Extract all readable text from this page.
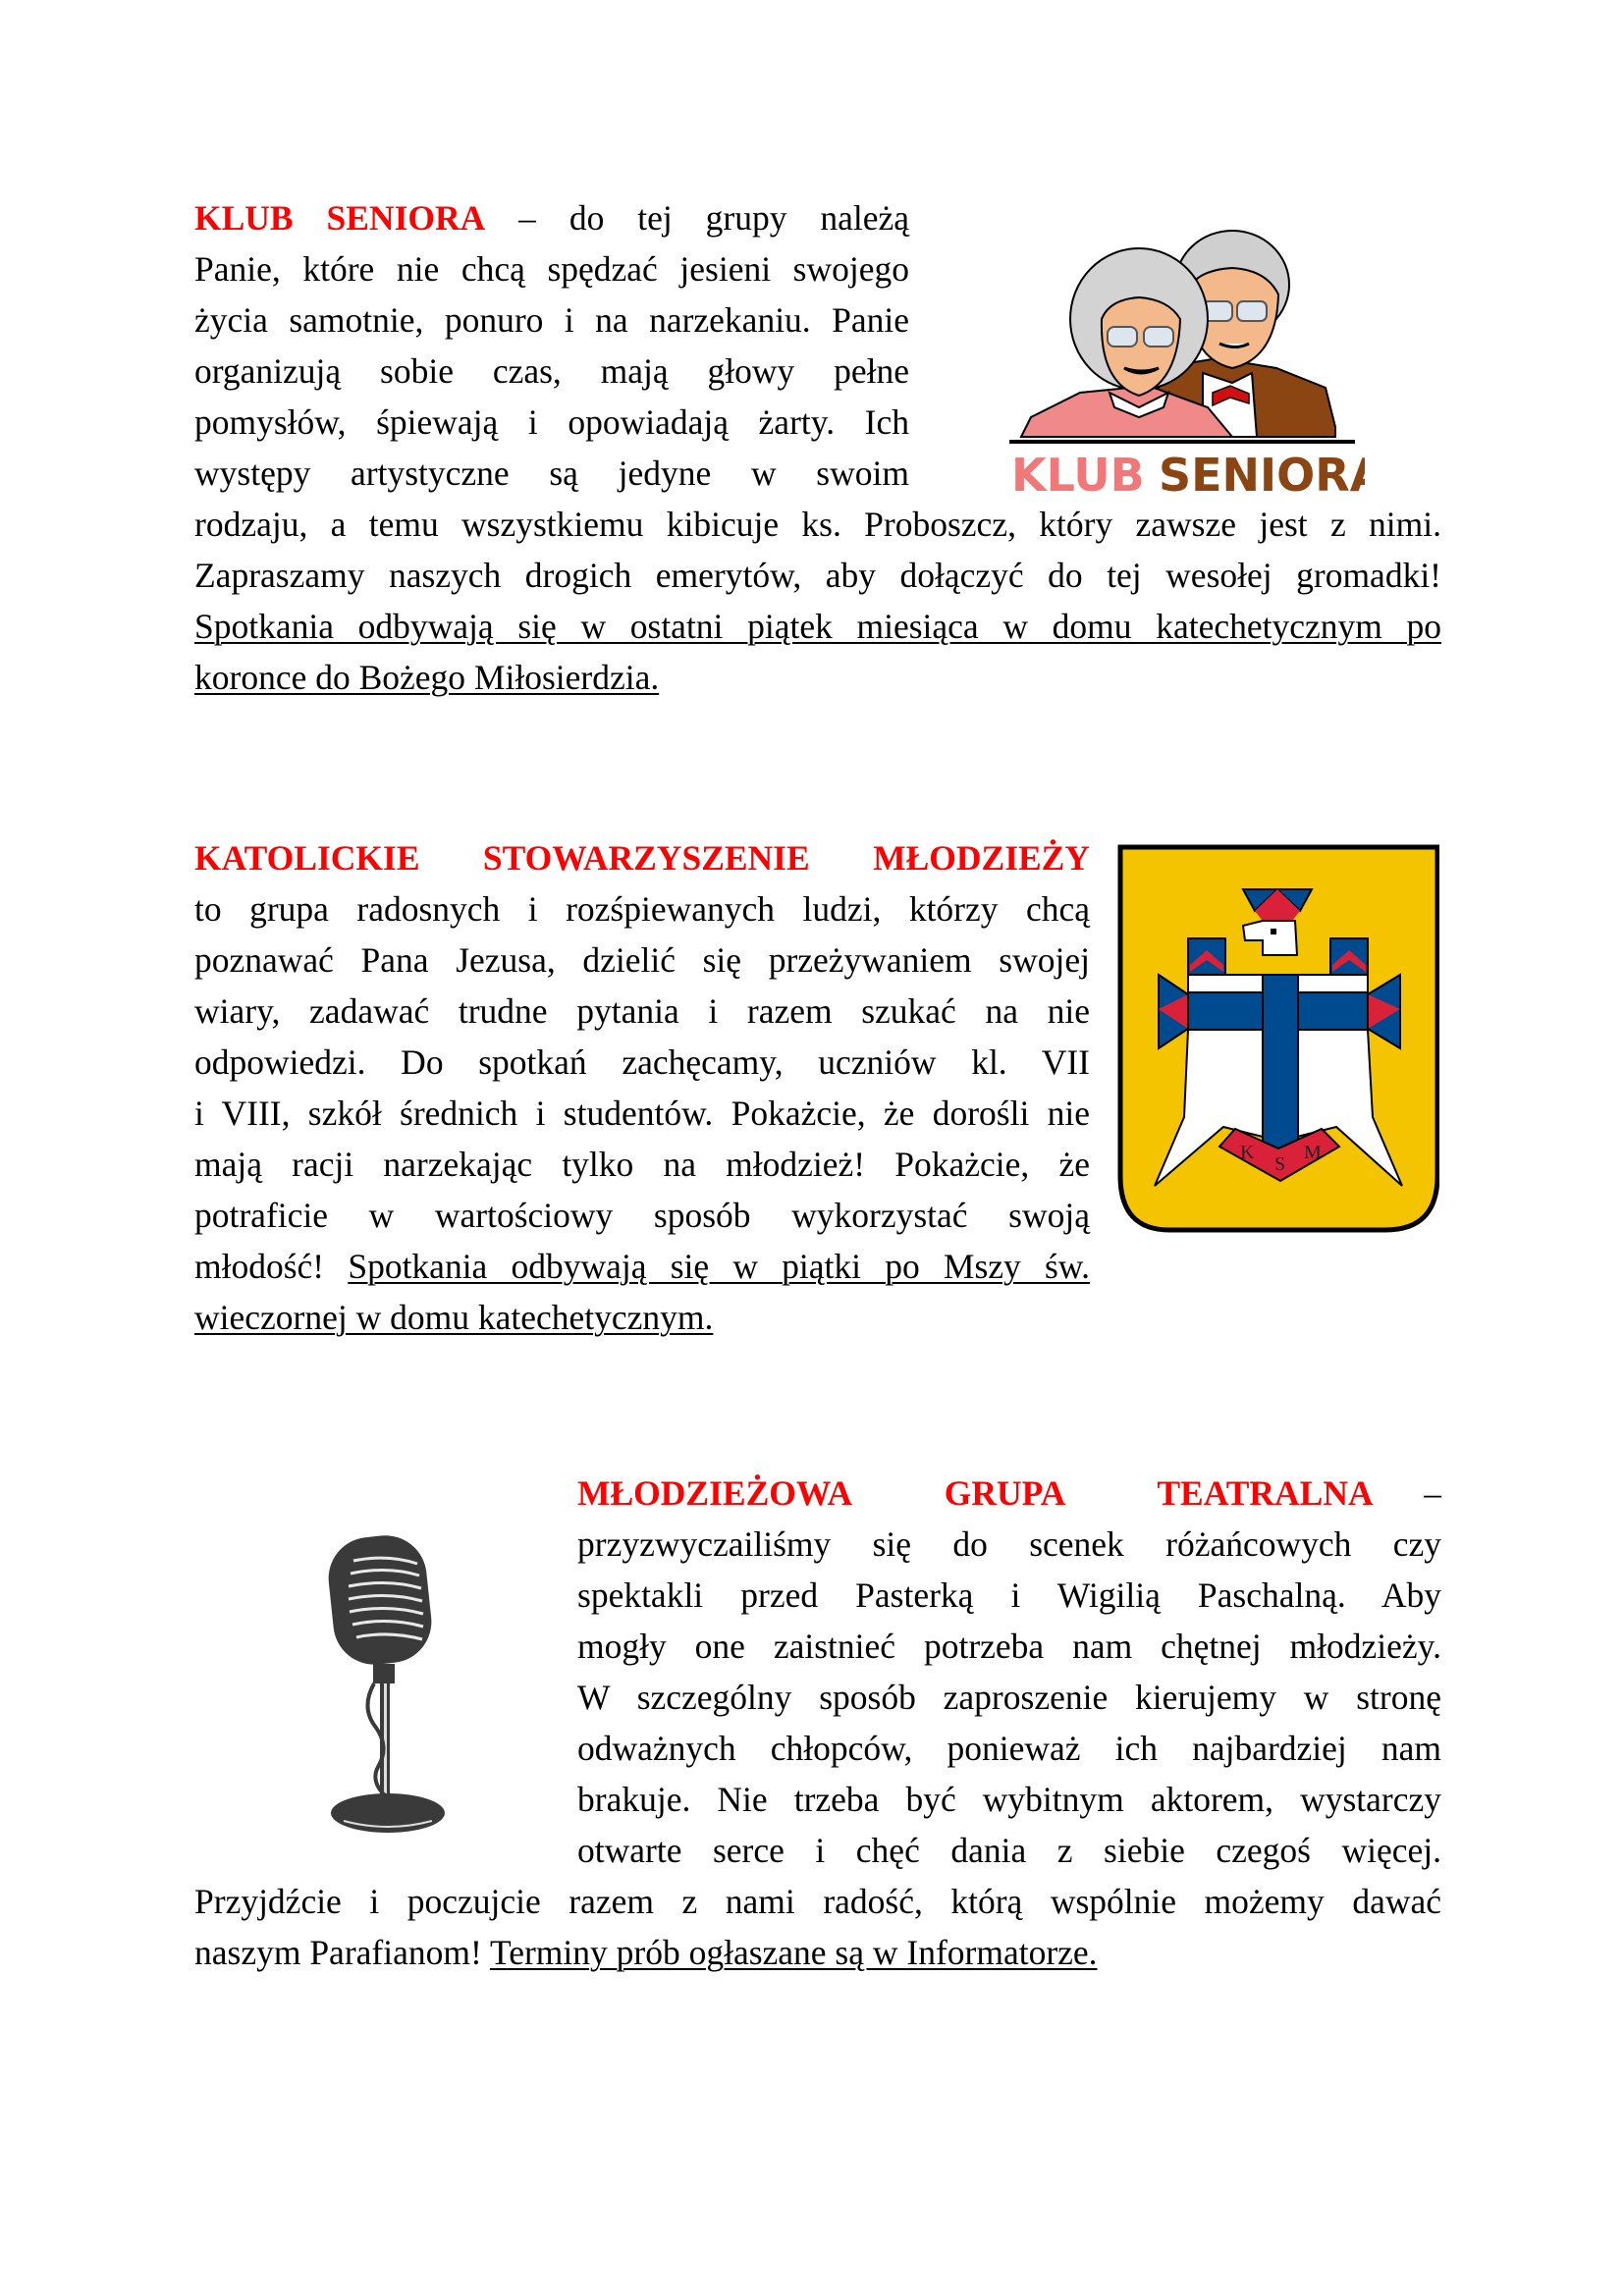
KLUB SENIORA – do tej grupy należą
Panie, które nie chcą spędzać jesieni swojego
życia samotnie, ponuro i na narzekaniu. Panie
organizują sobie czas, mają głowy pełne
pomysłów, śpiewają i opowiadają żarty. Ich
występy artystyczne są jedyne w swoim
rodzaju, a temu wszystkiemu kibicuje ks. Proboszcz, który zawsze jest z nimi.
Zapraszamy naszych drogich emerytów, aby dołączyć do tej wesołej gromadki!
Spotkania odbywają się w ostatni piątek miesiąca w domu katechetycznym po
koronce do Bożego Miłosierdzia.
KLUB SENIORA
KATOLICKIE STOWARZYSZENIE MŁODZIEŻY
to grupa radosnych i rozśpiewanych ludzi, którzy chcą
poznawać Pana Jezusa, dzielić się przeżywaniem swojej
wiary, zadawać trudne pytania i razem szukać na nie
odpowiedzi. Do spotkań zachęcamy, uczniów kl. VII
i VIII, szkół średnich i studentów. Pokażcie, że dorośli nie
mają racji narzekając tylko na młodzież! Pokażcie, że
potraficie w wartościowy sposób wykorzystać swoją
młodość! Spotkania odbywają się w piątki po Mszy św.
wieczornej w domu katechetycznym.
K
S
M
MŁODZIEŻOWA GRUPA TEATRALNA –
przyzwyczailiśmy się do scenek różańcowych czy
spektakli przed Pasterką i Wigilią Paschalną. Aby
mogły one zaistnieć potrzeba nam chętnej młodzieży.
W szczególny sposób zaproszenie kierujemy w stronę
odważnych chłopców, ponieważ ich najbardziej nam
brakuje. Nie trzeba być wybitnym aktorem, wystarczy
otwarte serce i chęć dania z siebie czegoś więcej.
Przyjdźcie i poczujcie razem z nami radość, którą wspólnie możemy dawać
naszym Parafianom! Terminy prób ogłaszane są w Informatorze.
